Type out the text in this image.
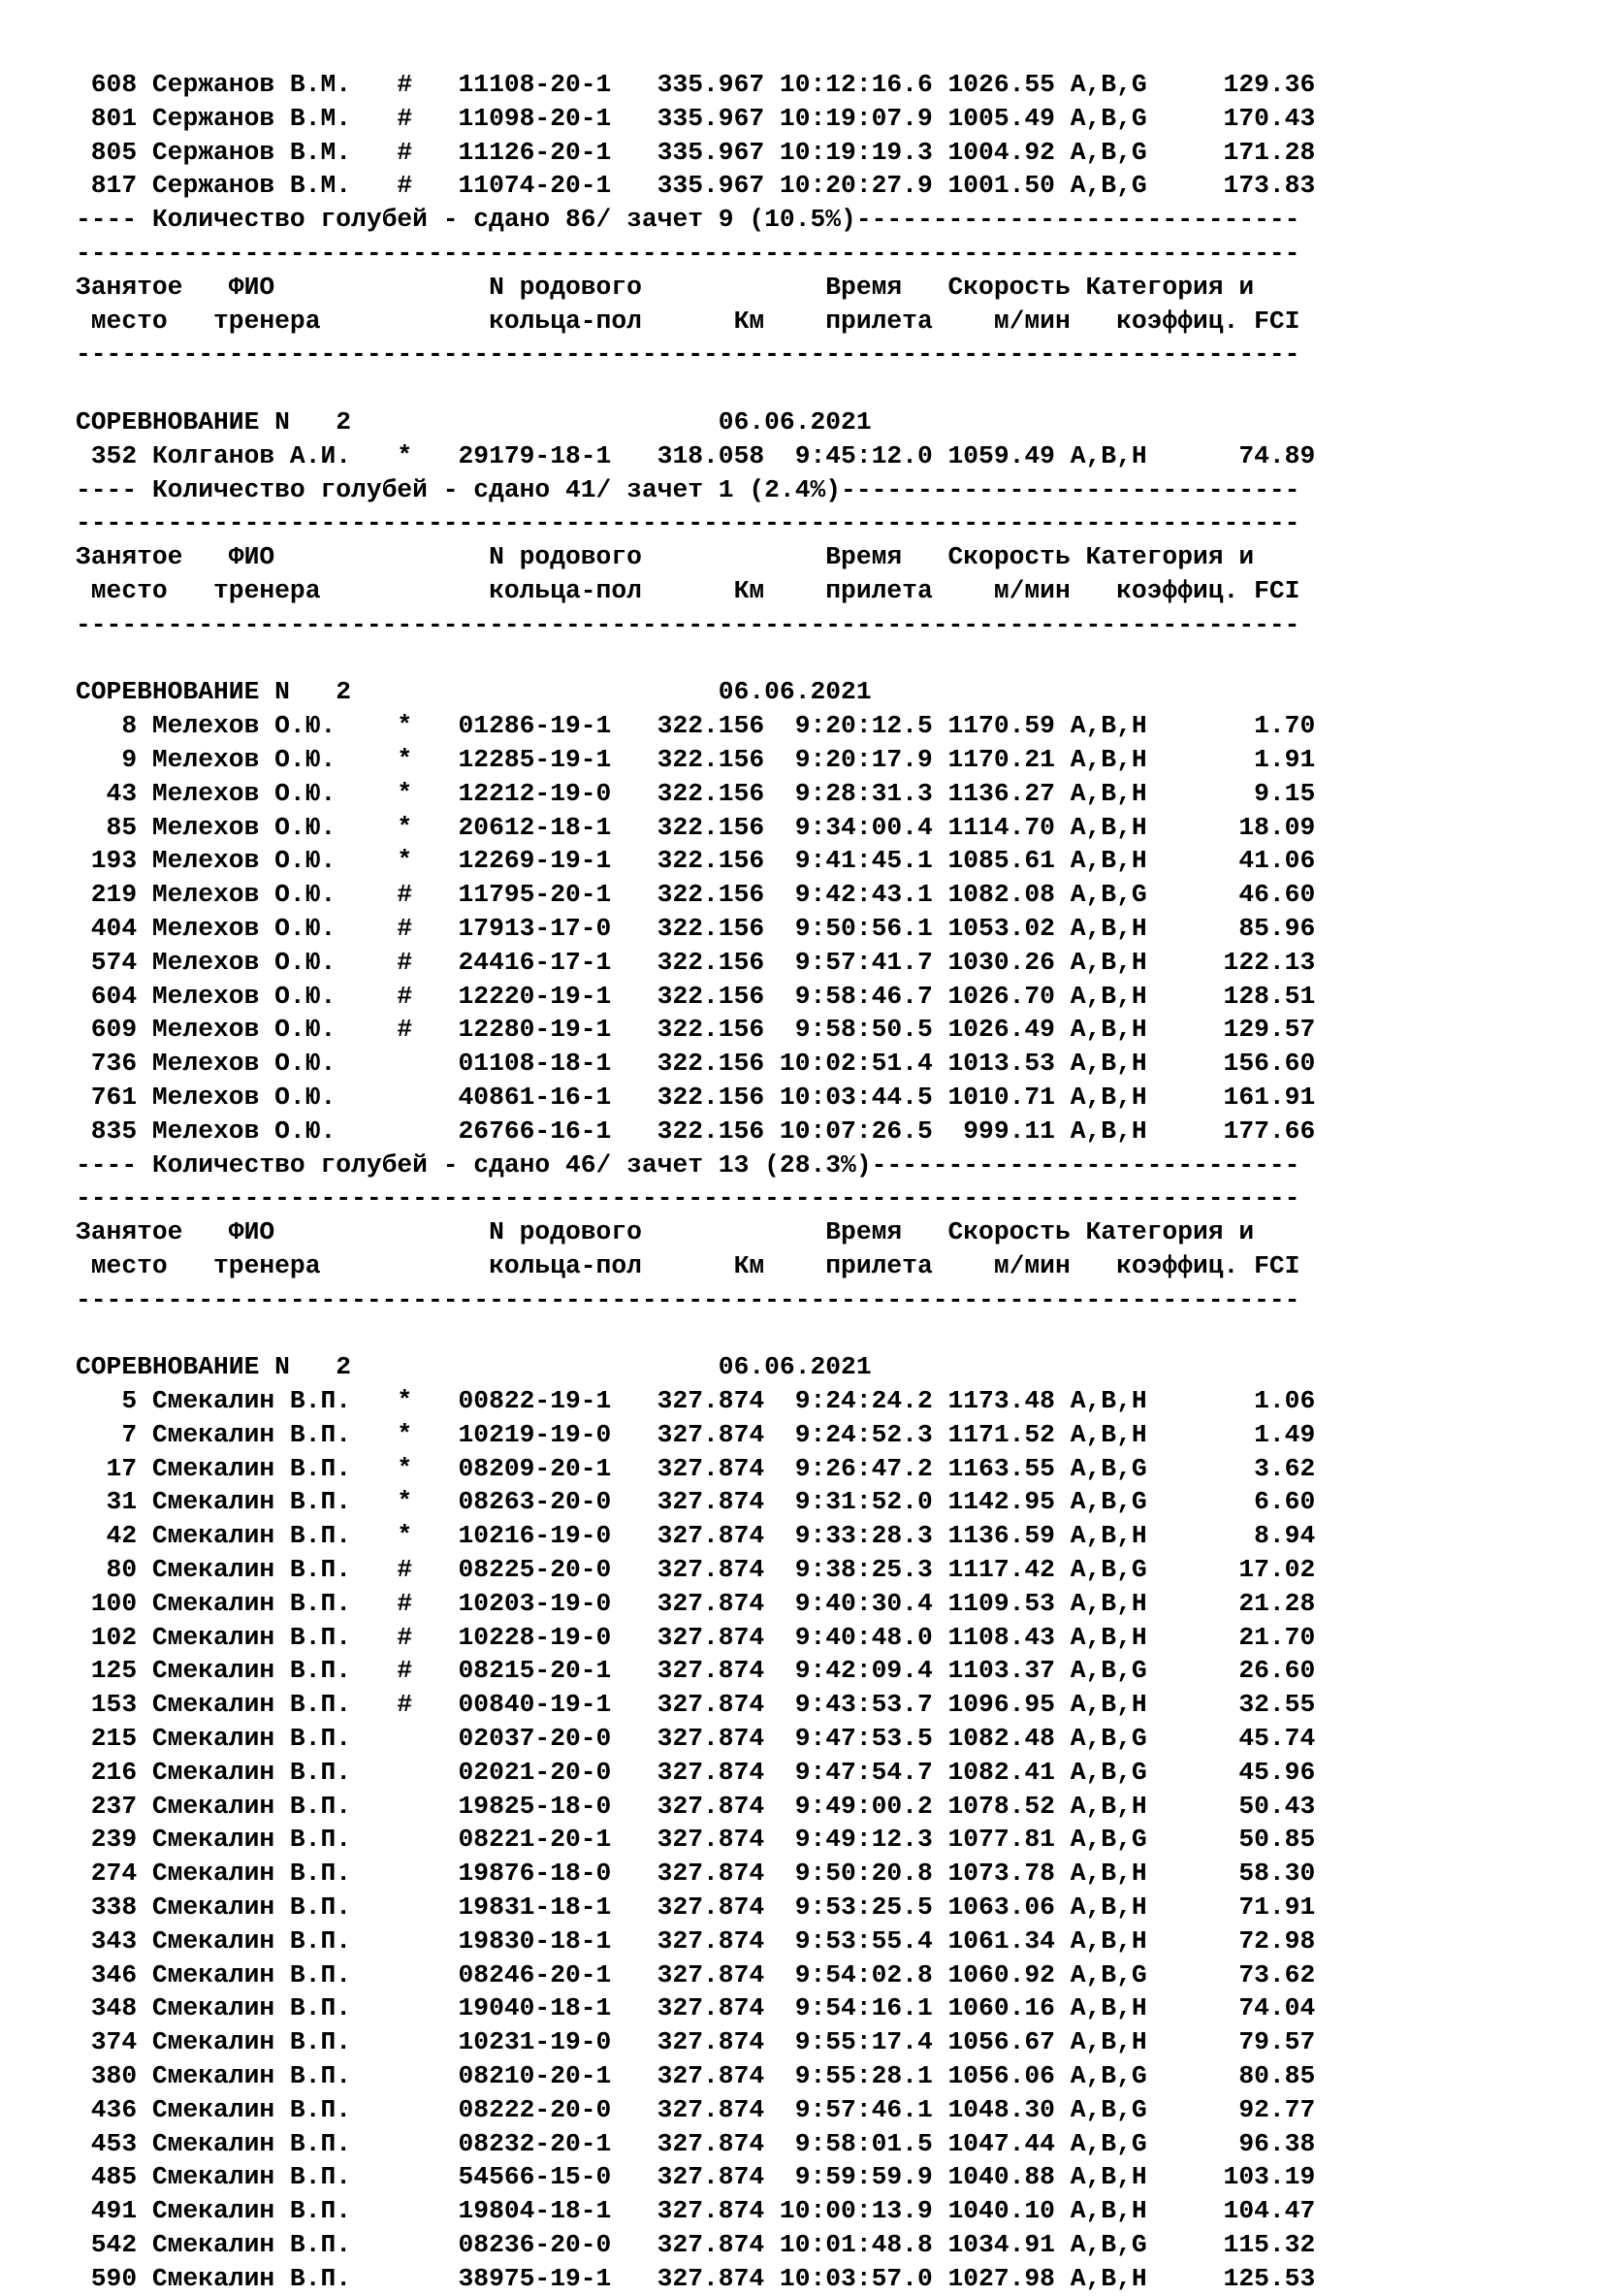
608 Сержанов В.М.   #   11108-20-1   335.967 10:12:16.6 1026.55 A,B,G     129.36
801 Сержанов В.М.   #   11098-20-1   335.967 10:19:07.9 1005.49 A,B,G     170.43
805 Сержанов В.М.   #   11126-20-1   335.967 10:19:19.3 1004.92 A,B,G     171.28
817 Сержанов В.М.   #   11074-20-1   335.967 10:20:27.9 1001.50 A,B,G     173.83
---- Количество голубей - сдано 86/ зачет 9 (10.5%)-----------------------------
--------------------------------------------------------------------------------
Занятое   ФИО              N родового            Время   Скорость Категория и
место   тренера           кольца-пол      Км    прилета    м/мин   коэффиц. FCI
--------------------------------------------------------------------------------
СОРЕВНОВАНИЕ N   2                        06.06.2021
352 Колганов А.И.   *   29179-18-1   318.058  9:45:12.0 1059.49 A,B,H      74.89
---- Количество голубей - сдано 41/ зачет 1 (2.4%)------------------------------
--------------------------------------------------------------------------------
Занятое   ФИО              N родового            Время   Скорость Категория и
место   тренера           кольца-пол      Км    прилета    м/мин   коэффиц. FCI
--------------------------------------------------------------------------------
СОРЕВНОВАНИЕ N   2                        06.06.2021
8 Мелехов О.Ю.    *   01286-19-1   322.156  9:20:12.5 1170.59 A,B,H       1.70
9 Мелехов О.Ю.    *   12285-19-1   322.156  9:20:17.9 1170.21 A,B,H       1.91
43 Мелехов О.Ю.    *   12212-19-0   322.156  9:28:31.3 1136.27 A,B,H       9.15
85 Мелехов О.Ю.    *   20612-18-1   322.156  9:34:00.4 1114.70 A,B,H      18.09
193 Мелехов О.Ю.    *   12269-19-1   322.156  9:41:45.1 1085.61 A,B,H      41.06
219 Мелехов О.Ю.    #   11795-20-1   322.156  9:42:43.1 1082.08 A,B,G      46.60
404 Мелехов О.Ю.    #   17913-17-0   322.156  9:50:56.1 1053.02 A,B,H      85.96
574 Мелехов О.Ю.    #   24416-17-1   322.156  9:57:41.7 1030.26 A,B,H     122.13
604 Мелехов О.Ю.    #   12220-19-1   322.156  9:58:46.7 1026.70 A,B,H     128.51
609 Мелехов О.Ю.    #   12280-19-1   322.156  9:58:50.5 1026.49 A,B,H     129.57
736 Мелехов О.Ю.        01108-18-1   322.156 10:02:51.4 1013.53 A,B,H     156.60
761 Мелехов О.Ю.        40861-16-1   322.156 10:03:44.5 1010.71 A,B,H     161.91
835 Мелехов О.Ю.        26766-16-1   322.156 10:07:26.5  999.11 A,B,H     177.66
---- Количество голубей - сдано 46/ зачет 13 (28.3%)----------------------------
--------------------------------------------------------------------------------
Занятое   ФИО              N родового            Время   Скорость Категория и
место   тренера           кольца-пол      Км    прилета    м/мин   коэффиц. FCI
--------------------------------------------------------------------------------
СОРЕВНОВАНИЕ N   2                        06.06.2021
5 Смекалин В.П.   *   00822-19-1   327.874  9:24:24.2 1173.48 A,B,H       1.06
7 Смекалин В.П.   *   10219-19-0   327.874  9:24:52.3 1171.52 A,B,H       1.49
17 Смекалин В.П.   *   08209-20-1   327.874  9:26:47.2 1163.55 A,B,G       3.62
31 Смекалин В.П.   *   08263-20-0   327.874  9:31:52.0 1142.95 A,B,G       6.60
42 Смекалин В.П.   *   10216-19-0   327.874  9:33:28.3 1136.59 A,B,H       8.94
80 Смекалин В.П.   #   08225-20-0   327.874  9:38:25.3 1117.42 A,B,G      17.02
100 Смекалин В.П.   #   10203-19-0   327.874  9:40:30.4 1109.53 A,B,H      21.28
102 Смекалин В.П.   #   10228-19-0   327.874  9:40:48.0 1108.43 A,B,H      21.70
125 Смекалин В.П.   #   08215-20-1   327.874  9:42:09.4 1103.37 A,B,G      26.60
153 Смекалин В.П.   #   00840-19-1   327.874  9:43:53.7 1096.95 A,B,H      32.55
215 Смекалин В.П.       02037-20-0   327.874  9:47:53.5 1082.48 A,B,G      45.74
216 Смекалин В.П.       02021-20-0   327.874  9:47:54.7 1082.41 A,B,G      45.96
237 Смекалин В.П.       19825-18-0   327.874  9:49:00.2 1078.52 A,B,H      50.43
239 Смекалин В.П.       08221-20-1   327.874  9:49:12.3 1077.81 A,B,G      50.85
274 Смекалин В.П.       19876-18-0   327.874  9:50:20.8 1073.78 A,B,H      58.30
338 Смекалин В.П.       19831-18-1   327.874  9:53:25.5 1063.06 A,B,H      71.91
343 Смекалин В.П.       19830-18-1   327.874  9:53:55.4 1061.34 A,B,H      72.98
346 Смекалин В.П.       08246-20-1   327.874  9:54:02.8 1060.92 A,B,G      73.62
348 Смекалин В.П.       19040-18-1   327.874  9:54:16.1 1060.16 A,B,H      74.04
374 Смекалин В.П.       10231-19-0   327.874  9:55:17.4 1056.67 A,B,H      79.57
380 Смекалин В.П.       08210-20-1   327.874  9:55:28.1 1056.06 A,B,G      80.85
436 Смекалин В.П.       08222-20-0   327.874  9:57:46.1 1048.30 A,B,G      92.77
453 Смекалин В.П.       08232-20-1   327.874  9:58:01.5 1047.44 A,B,G      96.38
485 Смекалин В.П.       54566-15-0   327.874  9:59:59.9 1040.88 A,B,H     103.19
491 Смекалин В.П.       19804-18-1   327.874 10:00:13.9 1040.10 A,B,H     104.47
542 Смекалин В.П.       08236-20-0   327.874 10:01:48.8 1034.91 A,B,G     115.32
590 Смекалин В.П.       38975-19-1   327.874 10:03:57.0 1027.98 A,B,H     125.53
